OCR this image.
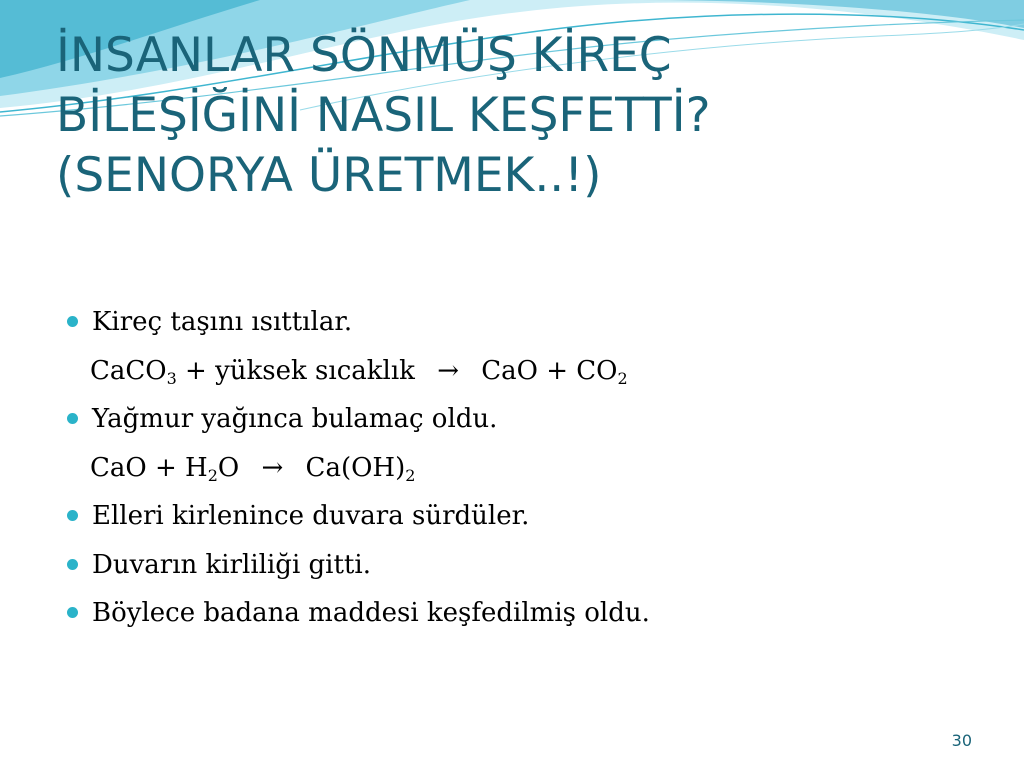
İNSANLAR SÖNMÜŞ KİREÇ
BİLEŞİĞİNİ NASIL KEŞFETTİ?
(SENORYA ÜRETMEK..!)
Kireç taşını ısıttılar.
CaCO$_3$ + yüksek sıcaklık → CaO + $CO_2$
Yağmur yağınca bulamaç oldu.
CaO + $H_2O \to Ca(OH)_2$
Elleri kirlenince duvara sürdüler.
Duvarın kirliliği gitti.
Böylece badana maddesi keşfedilmiş oldu.
30
